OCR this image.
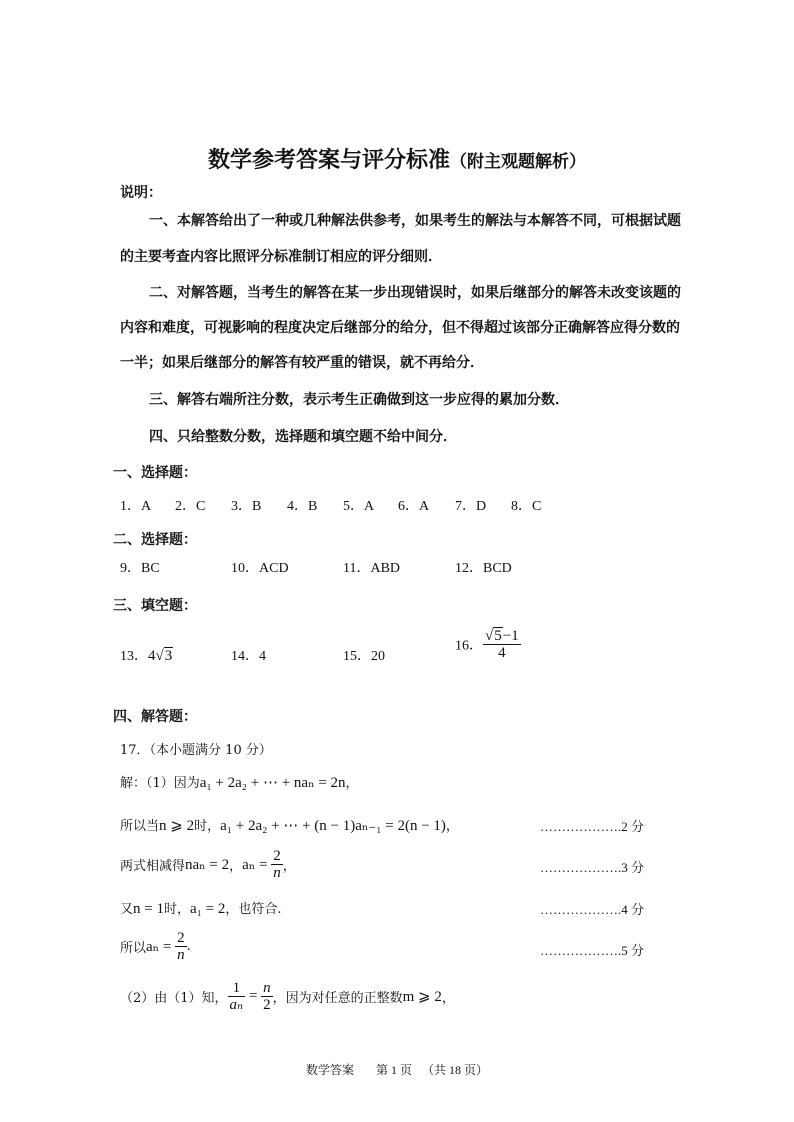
数学参考答案与评分标准（附主观题解析）
说明：
一、本解答给出了一种或几种解法供参考，如果考生的解法与本解答不同，可根据试题
的主要考查内容比照评分标准制订相应的评分细则．
二、对解答题，当考生的解答在某一步出现错误时，如果后继部分的解答未改变该题的
内容和难度，可视影响的程度决定后继部分的给分，但不得超过该部分正确解答应得分数的
一半；如果后继部分的解答有较严重的错误，就不再给分．
三、解答右端所注分数，表示考生正确做到这一步应得的累加分数．
四、只给整数分数，选择题和填空题不给中间分．
一、选择题：
1．A 2．C 3．B 4．B 5．A 6．A 7．D 8．C
二、选择题：
9．BC	10．ACD	11．ABD	12．BCD
三、填空题：
13．4√3	14．4	15．20
16． $\frac{√5-1}{4}$
四、解答题：
17．（本小题满分 10 分）
解：（1）因为a₁ + 2a₂ + ⋯ + naₙ = 2n，
所以当n ⩾ 2时，a₁ + 2a₂ + ⋯ + (n − 1)aₙ₋₁ = 2(n − 1)，	……………….2 分
两式相减得naₙ = 2，$a_n = \frac{2}{n}$ ，	……………….3 分
又n = 1时，a₁ = 2，也符合.	……………….4 分
所以$a_n = \frac{2}{n}$ .	……………….5 分
（2）由（1）知， $\frac{1}{\text{aₙ}} = \frac{n}{2}$ ，因为对任意的正整数m ⩾ 2，
数学答案 第 1 页 （共 18 页）
